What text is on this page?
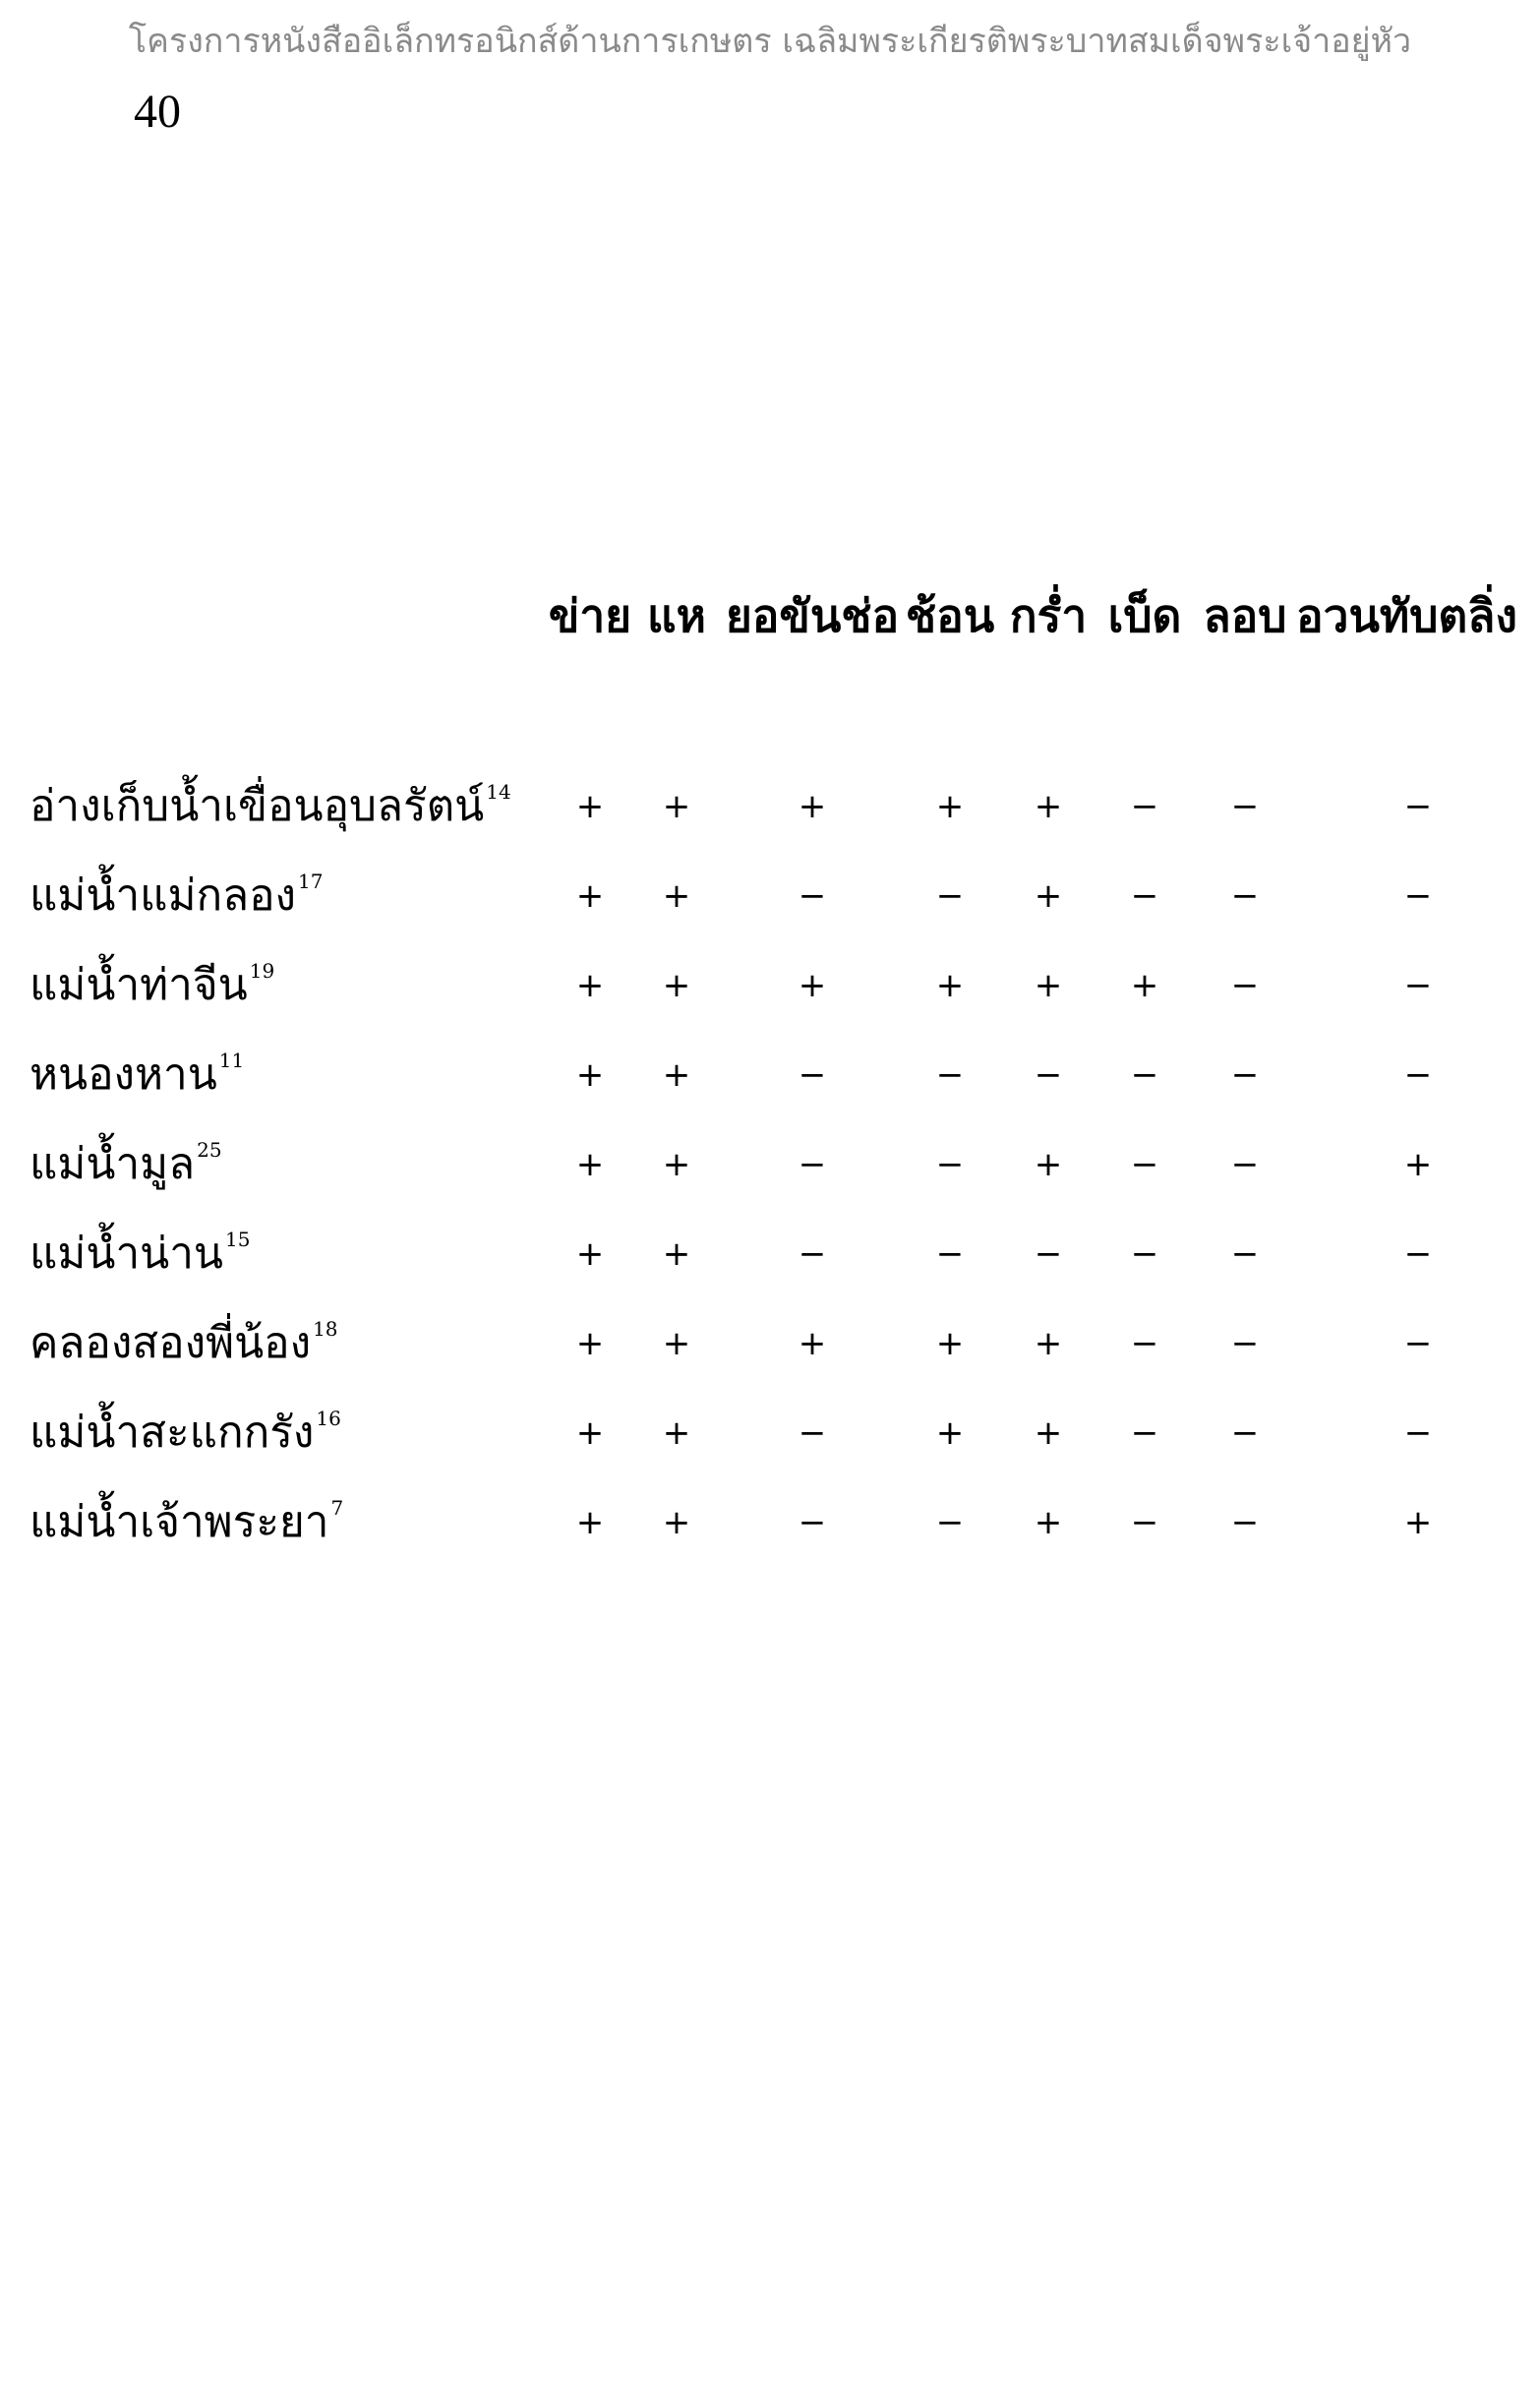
โครงการหนังสืออิเล็กทรอนิกส์ด้านการเกษตร เฉลิมพระเกียรติพระบาทสมเด็จพระเจ้าอยู่หัว
40
ข่าย แห ยอขันช่อ ช้อน กร่ำ เบ็ด ลอบ อวนทับตลิ่ง
อ่างเก็บน้ำเขื่อนอุบลรัตน์ $^{14}$ + +	+	+ + − −	−
แม่น้ำแม่กลอง $^{17}$	+ +	−	− + − −	−
แม่น้ำท่าจีน $^{19}$	+ +	+	+ + + −	−
หนองหาน $^{11}$	+ +	−	− − − −	−
แม่น้ำมูล $^{25}$	+ +	−	− + − −	+
แม่น้ำน่าน $^{15}$	+ +	−	− − − −	−
คลองสองพี่น้อง $^{18}$	+ +	+	+ + − −	−
แม่น้ำสะแกกรัง $^{16}$	+ +	−	+ + − −	−
แม่น้ำเจ้าพระยา $^7$	+ +	−	− + − −	+
